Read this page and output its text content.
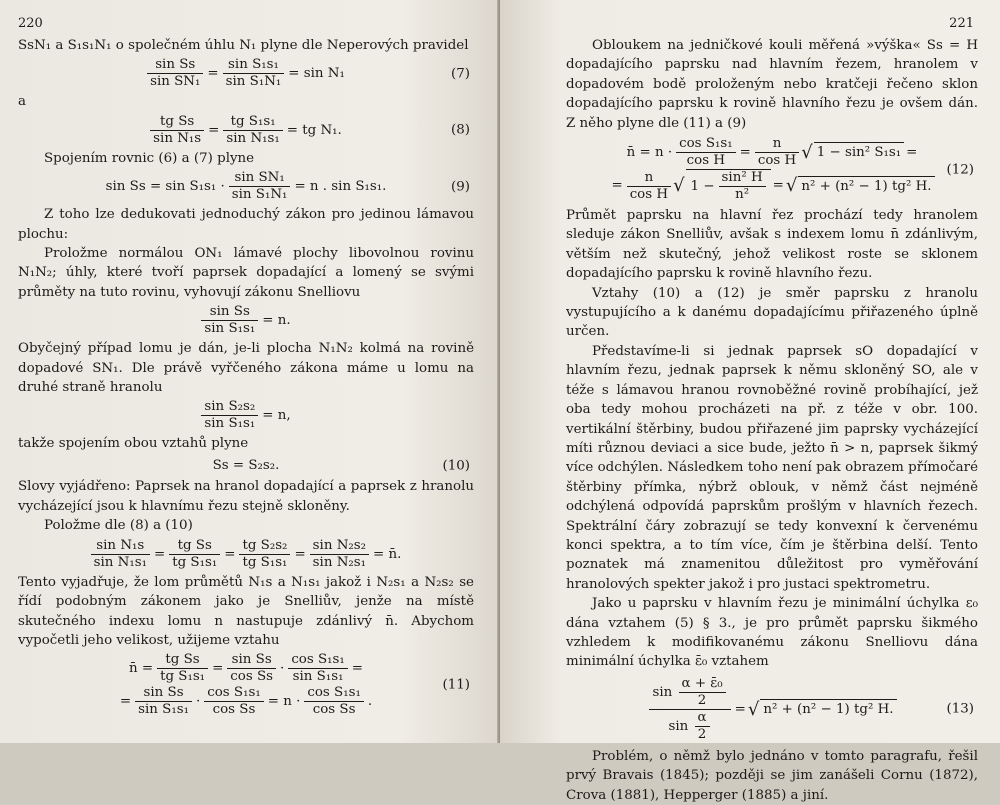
220

SsN₁ a S₁s₁N₁ o společném úhlu N₁ plyne dle Neperových pravidel

$\frac{\text{sin Ss}}{\text{sin SN₁}} = \frac{\text{sin S₁s₁}}{\text{sin S₁N₁}} = \sin N_1$	(7)

a

$\frac{\text{tg Ss}}{\text{sin N₁s}} = \frac{\text{tg S₁s₁}}{\text{sin N₁s₁}}$ = tg N₁.	(8)

Spojením rovnic (6) a (7) plyne

$\sin Ss = \sin S_1s_1 \cdot \frac{\text{sin SN₁}}{\text{sin S₁N₁}} = n$ . sin S₁s₁.	(9)

Z toho lze dedukovati jednoduchý zákon pro jedinou lámavou plochu:

Proložme normálou ON₁ lámavé plochy libovolnou rovinu N₁N₂; úhly, které tvoří paprsek dopadající a lomený se svými průměty na tuto rovinu, vyhovují zákonu Snelliovu

$\frac{\text{sin Ss}}{\text{sin S₁s₁}} = n$.

Obyčejný případ lomu je dán, je-li plocha N₁N₂ kolmá na rovině dopadové SN₁. Dle právě vyřčeného zákona máme u lomu na druhé straně hranolu

$\frac{\text{sin S₂s₂}}{\text{sin S₁s₁}} = n$,

takže spojením obou vztahů plyne

Ss = S₂s₂.	(10)

Slovy vyjádřeno: Paprsek na hranol dopadající a paprsek z hranolu vycházející jsou k hlavnímu řezu stejně skloněny.

Položme dle (8) a (10)

$\frac{\text{sin N₁s}}{\text{sin N₁s₁}} = \frac{\text{tg Ss}}{\text{tg S₁s₁}} = \frac{\text{tg S₂s₂}}{\text{tg S₁s₁}} = \frac{\text{sin N₂s₂}}{\text{sin N₂s₁}}$ = n̄.

Tento vyjadřuje, že lom průmětů N₁s a N₁s₁ jakož i N₂s₁ a N₂s₂ se řídí podobným zákonem jako je Snelliův, jenže na místě skutečného indexu lomu n nastupuje zdánlivý n̄. Abychom vypočetli jeho velikost, užijeme vztahu

n̄ = $\frac{\text{tg Ss}}{\text{tg S₁s₁}} = \frac{\text{sin Ss}}{\text{cos Ss}} \cdot \frac{\text{cos S₁s₁}}{\text{sin S₁s₁}}$ =
= $\frac{\text{sin Ss}}{\text{sin S₁s₁}} \cdot \frac{\text{cos S₁s₁}}{\text{cos Ss}} = n \cdot \frac{\text{cos S₁s₁}}{\text{cos Ss}}$ .
(11)
221

Obloukem na jedničkové kouli měřená »výška« Ss = H dopadajícího paprsku nad hlavním řezem, hranolem v dopadovém bodě proloženým nebo kratčeji řečeno sklon dopadajícího paprsku k rovině hlavního řezu je ovšem dán. Z něho plyne dle (11) a (9)

n̄ = $n \cdot \frac{\text{cos S₁s₁}}{\text{cos H}} = \frac{n}{\text{cos H}}$ √ 1 − sin² S₁s₁ =
= $\frac{n}{\text{cos H}}$ √ $1 - \frac{\text{sin² H}}{\text{n²}}$ = √ n² + (n² − 1) tg² H.
(12)

Průmět paprsku na hlavní řez prochází tedy hranolem sleduje zákon Snelliův, avšak s indexem lomu n̄ zdánlivým, větším než skutečný, jehož velikost roste se sklonem dopadajícího paprsku k rovině hlavního řezu.

Vztahy (10) a (12) je směr paprsku z hranolu vystupujícího a k danému dopadajícímu přiřazeného úplně určen.

Představíme-li si jednak paprsek sO dopadající v hlavním řezu, jednak paprsek k němu skloněný SO, ale v téže s lámavou hranou rovnoběžné rovině probíhající, jež oba tedy mohou procházeti na př. z téže v obr. 100. vertikální štěrbiny, budou přiřazené jim paprsky vycházející míti různou deviaci a sice bude, ježto n̄ > n, paprsek šikmý více odchýlen. Následkem toho není pak obrazem přímočaré štěrbiny přímka, nýbrž oblouk, v němž část nejméně odchýlená odpovídá paprskům prošlým v hlavních řezech. Spektrální čáry zobrazují se tedy konvexní k červenému konci spektra, a to tím více, čím je štěrbina delší. Tento poznatek má znamenitou důležitost pro vyměřování hranolových spekter jakož i pro justaci spektrometru.

Jako u paprsku v hlavním řezu je minimální úchylka ε₀ dána vztahem (5) § 3., je pro průmět paprsku šikmého vzhledem k modifikovanému zákonu Snelliovu dána minimální úchylka ε̄₀ vztahem

$\frac{\sin \frac{\text{α + ε̄₀}}{2}}{\sin \frac{\alpha}{2}}$ = √ n² + (n² − 1) tg² H.	(13)

Problém, o němž bylo jednáno v tomto paragrafu, řešil prvý Bravais (1845); později se jim zanášeli Cornu (1872), Crova (1881), Hepperger (1885) a jiní.
